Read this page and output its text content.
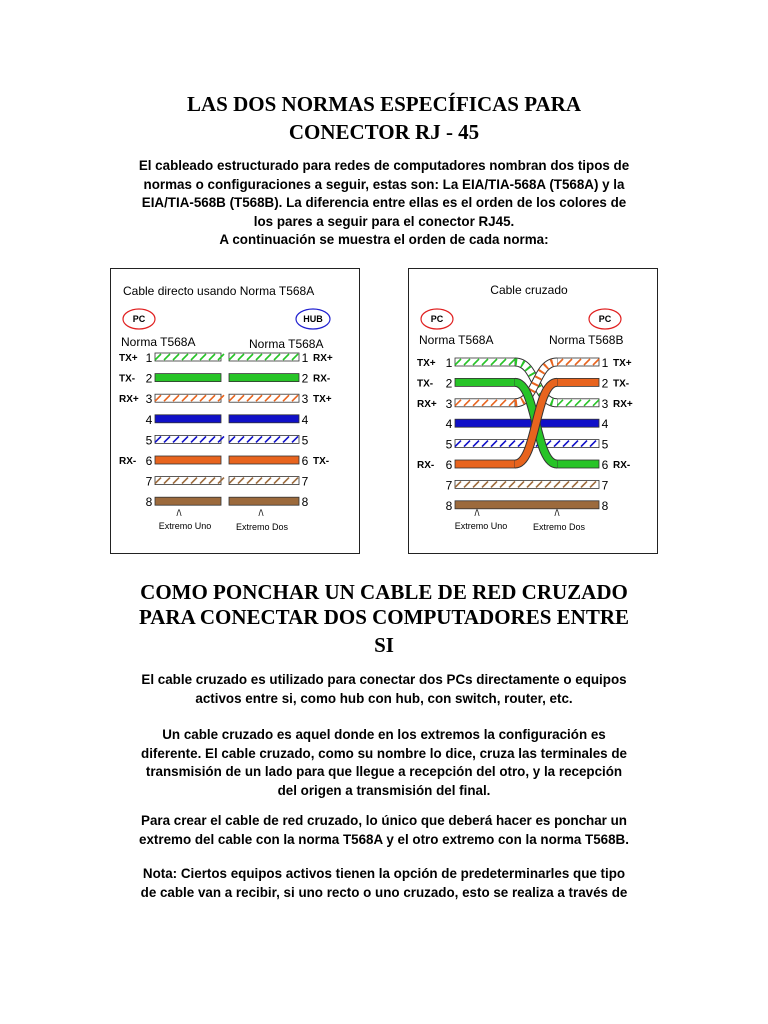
LAS DOS NORMAS ESPECÍFICAS PARA
CONECTOR RJ - 45
El cableado estructurado para redes de computadores nombran dos tipos de
normas o configuraciones a seguir, estas son: La EIA/TIA-568A (T568A) y la
EIA/TIA-568B (T568B). La diferencia entre ellas es el orden de los colores de
los pares a seguir para el conector RJ45.
A continuación se muestra el orden de cada norma:
Cable directo usando Norma T568A
PC	HUB
Norma T568A	Norma T568A
TX+ 1	1 RX+
TX- 2	2 RX-
RX+ 3	3 TX+
4	4
5	5
RX- 6	6 TX-
7	7
8	8
/\	/\
Extremo Uno	Extremo Dos
Cable cruzado
PC	PC
Norma T568A	Norma T568B
TX+ 1	1 TX+
TX- 2	2 TX-
RX+ 3	3 RX+
4	4
5	5
RX- 6	6 RX-
7	7
8	8
/\	/\
Extremo Uno	Extremo Dos
COMO PONCHAR UN CABLE DE RED CRUZADO
PARA CONECTAR DOS COMPUTADORES ENTRE
SI
El cable cruzado es utilizado para conectar dos PCs directamente o equipos
activos entre si, como hub con hub, con switch, router, etc.
Un cable cruzado es aquel donde en los extremos la configuración es
diferente. El cable cruzado, como su nombre lo dice, cruza las terminales de
transmisión de un lado para que llegue a recepción del otro, y la recepción
del origen a transmisión del final.
Para crear el cable de red cruzado, lo único que deberá hacer es ponchar un
extremo del cable con la norma T568A y el otro extremo con la norma T568B.
Nota: Ciertos equipos activos tienen la opción de predeterminarles que tipo
de cable van a recibir, si uno recto o uno cruzado, esto se realiza a través de
